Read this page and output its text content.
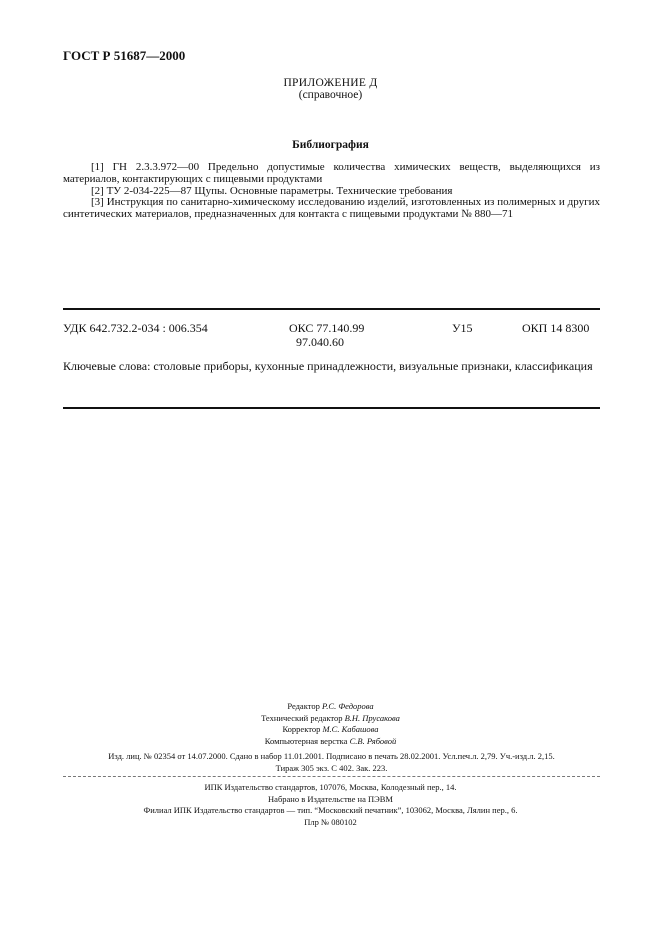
ГОСТ Р 51687—2000
ПРИЛОЖЕНИЕ Д
(справочное)
Библиография

[1] ГН 2.3.3.972—00 Предельно допустимые количества химических веществ, выделяющихся из материалов, контактирующих с пищевыми продуктами

[2] ТУ 2-034-225—87 Щупы. Основные параметры. Технические требования

[3] Инструкция по санитарно-химическому исследованию изделий, изготовленных из полимерных и других синтетических материалов, предназначенных для контакта с пищевыми продуктами № 880—71

УДК 642.732.2-034 : 006.354	ОКС 77.140.99
97.040.60
У15	ОКП 14 8300
Ключевые слова: столовые приборы, кухонные принадлежности, визуальные признаки, классификация
Редактор Р.С. Федорова
Технический редактор В.Н. Прусакова
Корректор М.С. Кабашова
Компьютерная верстка С.В. Рябовой
Изд. лиц. № 02354 от 14.07.2000. Сдано в набор 11.01.2001. Подписано в печать 28.02.2001. Усл.печ.л. 2,79. Уч.-изд.л. 2,15.
Тираж 305 экз. С 402. Зак. 223.
ИПК Издательство стандартов, 107076, Москва, Колодезный пер., 14.
Набрано в Издательстве на ПЭВМ
Филиал ИПК Издательство стандартов — тип. “Московский печатник”, 103062, Москва, Лялин пер., 6.
Плр № 080102
